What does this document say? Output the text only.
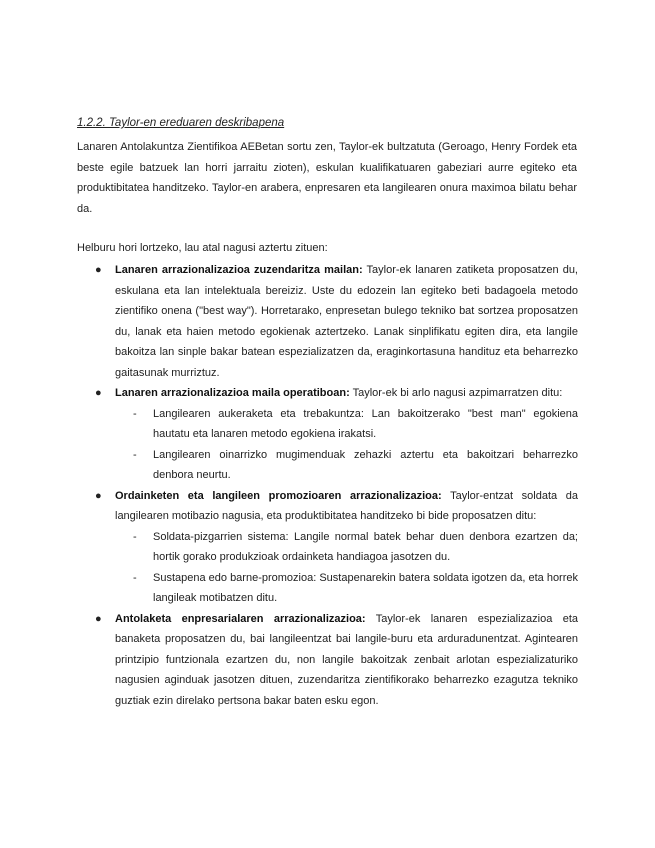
1.2.2. Taylor-en ereduaren deskribapena
Lanaren Antolakuntza Zientifikoa AEBetan sortu zen, Taylor-ek bultzatuta (Geroago, Henry Fordek eta beste egile batzuek lan horri jarraitu zioten), eskulan kualifikatuaren gabeziari aurre egiteko eta produktibitatea handitzeko. Taylor-en arabera, enpresaren eta langilearen onura maximoa bilatu behar da.
Helburu hori lortzeko, lau atal nagusi aztertu zituen:
● Lanaren arrazionalizazioa zuzendaritza mailan: Taylor-ek lanaren zatiketa proposatzen du, eskulana eta lan intelektuala bereiziz. Uste du edozein lan egiteko beti badagoela metodo zientifiko onena ("best way"). Horretarako, enpresetan bulego tekniko bat sortzea proposatzen du, lanak eta haien metodo egokienak aztertzeko. Lanak sinplifikatu egiten dira, eta langile bakoitza lan sinple bakar batean espezializatzen da, eraginkortasuna handituz eta beharrezko gaitasunak murriztuz.
● Lanaren arrazionalizazioa maila operatiboan: Taylor-ek bi arlo nagusi azpimarratzen ditu:
- Langilearen aukeraketa eta trebakuntza: Lan bakoitzerako "best man" egokiena hautatu eta lanaren metodo egokiena irakatsi.
- Langilearen oinarrizko mugimenduak zehazki aztertu eta bakoitzari beharrezko denbora neurtu.
● Ordainketen eta langileen promozioaren arrazionalizazioa: Taylor-entzat soldata da langilearen motibazio nagusia, eta produktibitatea handitzeko bi bide proposatzen ditu:
- Soldata-pizgarrien sistema: Langile normal batek behar duen denbora ezartzen da; hortik gorako produkzioak ordainketa handiagoa jasotzen du.
- Sustapena edo barne-promozioa: Sustapenarekin batera soldata igotzen da, eta horrek langileak motibatzen ditu.
● Antolaketa enpresarialaren arrazionalizazioa: Taylor-ek lanaren espezializazioa eta banaketa proposatzen du, bai langileentzat bai langile-buru eta arduradunentzat. Agintearen printzipio funtzionala ezartzen du, non langile bakoitzak zenbait arlotan espezializaturiko nagusien aginduak jasotzen dituen, zuzendaritza zientifikorako beharrezko ezagutza tekniko guztiak ezin direlako pertsona bakar baten esku egon.
